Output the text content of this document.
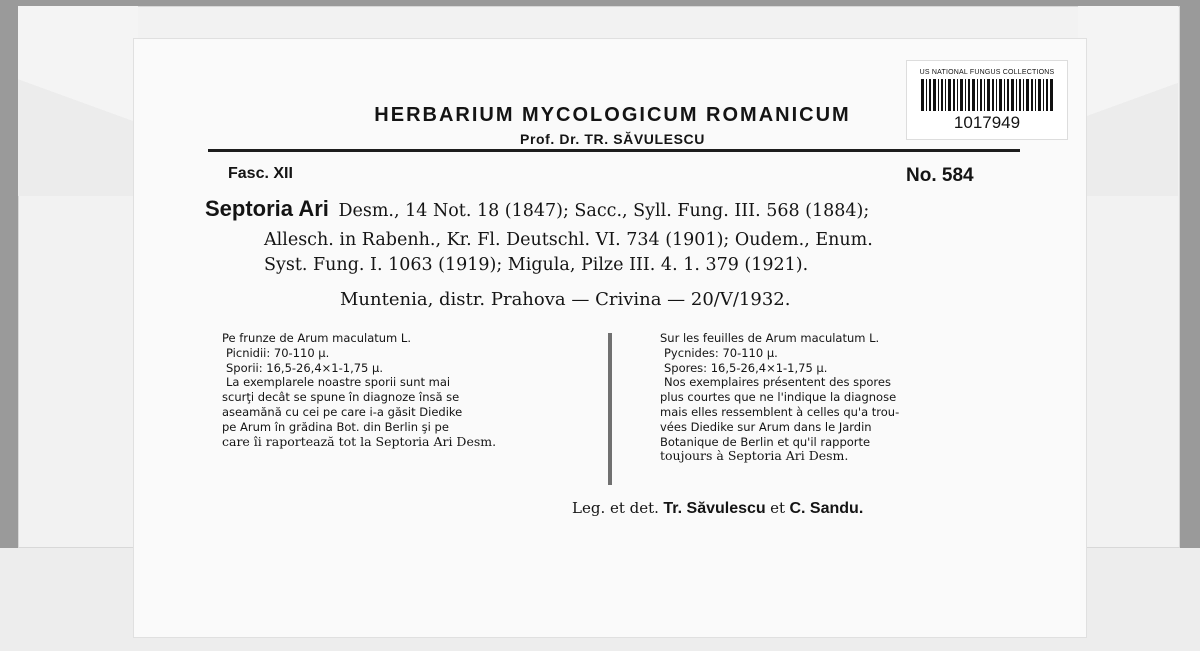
US NATIONAL FUNGUS COLLECTIONS
1017949
HERBARIUM MYCOLOGICUM ROMANICUM
Prof. Dr. TR. SĂVULESCU
Fasc. XII	No. 584
Septoria Ari Desm., 14 Not. 18 (1847); Sacc., Syll. Fung. III. 568 (1884);
Allesch. in Rabenh., Kr. Fl. Deutschl. VI. 734 (1901); Oudem., Enum.
Syst. Fung. I. 1063 (1919); Migula, Pilze III. 4. 1. 379 (1921).
Muntenia, distr. Prahova — Crivina — 20/V/1932.
Pe frunze de Arum maculatum L.
Picnidii: 70-110 μ.
Sporii: 16,5-26,4×1-1,75 μ.
La exemplarele noastre sporii sunt mai
scurţi decât se spune în diagnoze însă se
aseamănă cu cei pe care i-a găsit Diedike
pe Arum în grădina Bot. din Berlin şi pe
care îi raportează tot la Septoria Ari Desm.
Sur les feuilles de Arum maculatum L.
Pycnides: 70-110 μ.
Spores: 16,5-26,4×1-1,75 μ.
Nos exemplaires présentent des spores
plus courtes que ne l'indique la diagnose
mais elles ressemblent à celles qu'a trou-
vées Diedike sur Arum dans le Jardin
Botanique de Berlin et qu'il rapporte
toujours à Septoria Ari Desm.
Leg. et det. Tr. Săvulescu et C. Sandu.
